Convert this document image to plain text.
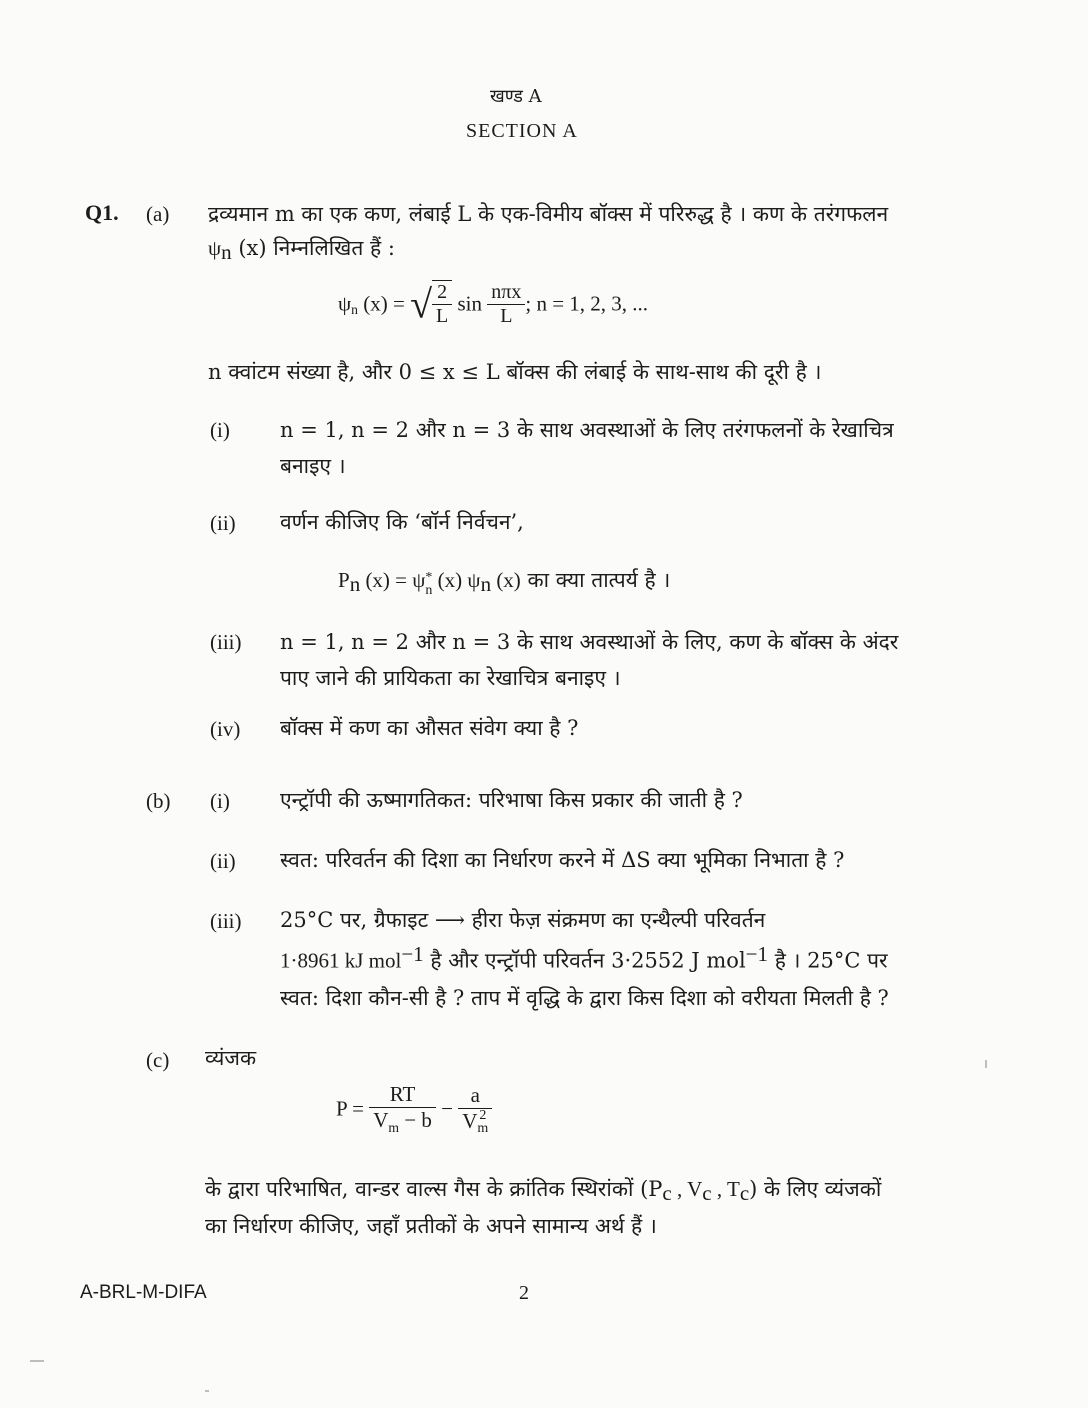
खण्ड A
SECTION A
Q1. (a) द्रव्यमान m का एक कण, लंबाई L के एक-विमीय बॉक्स में परिरुद्ध है । कण के तरंगफलन
$\psi_n$ (x) निम्नलिखित हैं :
$\psi_n$ (x) = √ $\frac{2}{L}$ $\sin \frac{\text{nπx}}{L}$ ; n = 1, 2, 3, ...
n क्वांटम संख्या है, और 0 ≤ x ≤ L बॉक्स की लंबाई के साथ-साथ की दूरी है ।
(i) n = 1, n = 2 और n = 3 के साथ अवस्थाओं के लिए तरंगफलनों के रेखाचित्र
बनाइए ।
(ii) वर्णन कीजिए कि ‘बॉर्न निर्वचन’,
$P_n$ (x) = ψ *
n (x) $\psi_n$ (x) का क्या तात्पर्य है ।
(iii) n = 1, n = 2 और n = 3 के साथ अवस्थाओं के लिए, कण के बॉक्स के अंदर
पाए जाने की प्रायिकता का रेखाचित्र बनाइए ।
(iv) बॉक्स में कण का औसत संवेग क्या है ?
(b) (i) एन्ट्रॉपी की ऊष्मागतिकत: परिभाषा किस प्रकार की जाती है ?
(ii) स्वत: परिवर्तन की दिशा का निर्धारण करने में ΔS क्या भूमिका निभाता है ?
(iii) 25°C पर, ग्रैफाइट ⟶ हीरा फेज़ संक्रमण का एन्थैल्पी परिवर्तन
1·8961 kJ mol$^{-1}$ है और एन्ट्रॉपी परिवर्तन 3·2552 J mol$^{-1}$ है । 25°C पर
स्वत: दिशा कौन-सी है ? ताप में वृद्धि के द्वारा किस दिशा को वरीयता मिलती है ?
(c) व्यंजक
$P = \frac{RT}{V_m - b} - a$
V 2
m
के द्वारा परिभाषित, वान्डर वाल्स गैस के क्रांतिक स्थिरांकों ($P_c$ , $V_c$ , $T_c$) के लिए व्यंजकों
का निर्धारण कीजिए, जहाँ प्रतीकों के अपने सामान्य अर्थ हैं ।
A-BRL-M-DIFA	2
